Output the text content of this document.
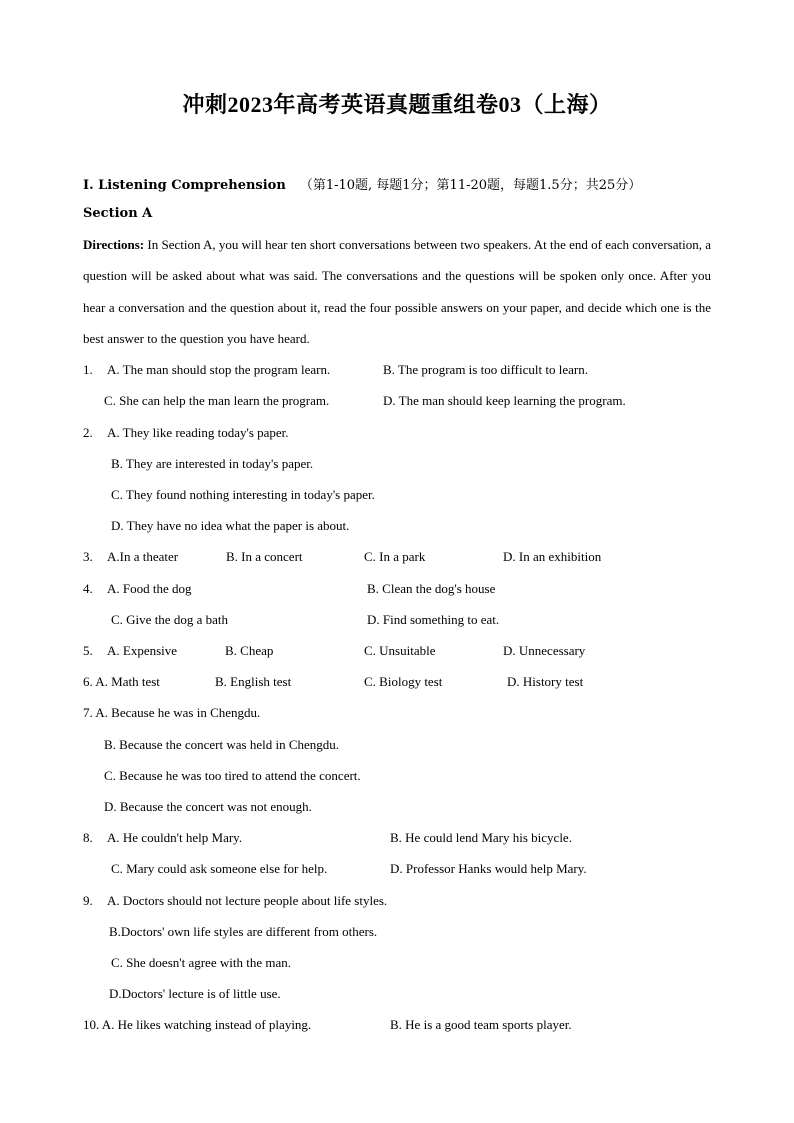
冲刺2023年高考英语真题重组卷03（上海）
I. Listening Comprehension （第1-10题, 每题1分；第11-20题，每题1.5分；共25分）
Section A
Directions: In Section A, you will hear ten short conversations between two speakers. At the end of each conversation, a question will be asked about what was said. The conversations and the questions will be spoken only once. After you hear a conversation and the question about it, read the four possible answers on your paper, and decide which one is the best answer to the question you have heard.
1. A. The man should stop the program learn.	B. The program is too difficult to learn.
C. She can help the man learn the program.	D. The man should keep learning the program.
2. A. They like reading today's paper.
B. They are interested in today's paper.
C. They found nothing interesting in today's paper.
D. They have no idea what the paper is about.
3. A.In a theater	B. In a concert	C. In a park	D. In an exhibition
4. A. Food the dog	B. Clean the dog's house
C. Give the dog a bath	D. Find something to eat.
5. A. Expensive	B. Cheap	C. Unsuitable	D. Unnecessary
6. A. Math test	B. English test	C. Biology test	D. History test
7. A. Because he was in Chengdu.
B. Because the concert was held in Chengdu.
C. Because he was too tired to attend the concert.
D. Because the concert was not enough.
8. A. He couldn't help Mary.	B. He could lend Mary his bicycle.
C. Mary could ask someone else for help.	D. Professor Hanks would help Mary.
9. A. Doctors should not lecture people about life styles.
B.Doctors' own life styles are different from others.
C. She doesn't agree with the man.
D.Doctors' lecture is of little use.
10. A. He likes watching instead of playing.	B. He is a good team sports player.
